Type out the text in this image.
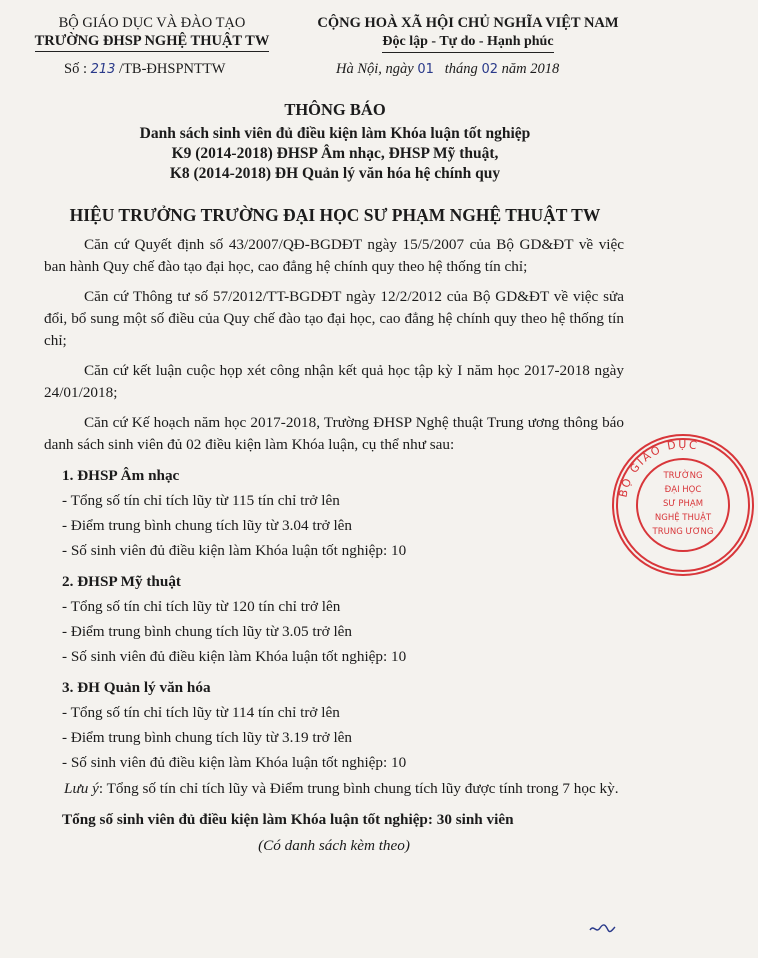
BỘ GIÁO DỤC VÀ ĐÀO TẠO
TRƯỜNG ĐHSP NGHỆ THUẬT TW
CỘNG HOÀ XÃ HỘI CHỦ NGHĨA VIỆT NAM
Độc lập - Tự do - Hạnh phúc
Số : 213 /TB-ĐHSPNTTW	Hà Nội, ngày 01 tháng 02 năm 2018
THÔNG BÁO
Danh sách sinh viên đủ điều kiện làm Khóa luận tốt nghiệp
K9 (2014-2018) ĐHSP Âm nhạc, ĐHSP Mỹ thuật,
K8 (2014-2018) ĐH Quản lý văn hóa hệ chính quy
HIỆU TRƯỞNG TRƯỜNG ĐẠI HỌC SƯ PHẠM NGHỆ THUẬT TW

Căn cứ Quyết định số 43/2007/QĐ-BGDĐT ngày 15/5/2007 của Bộ GD&ĐT về việc ban hành Quy chế đào tạo đại học, cao đẳng hệ chính quy theo hệ thống tín chỉ;

Căn cứ Thông tư số 57/2012/TT-BGDĐT ngày 12/2/2012 của Bộ GD&ĐT về việc sửa đổi, bổ sung một số điều của Quy chế đào tạo đại học, cao đẳng hệ chính quy theo hệ thống tín chỉ;

Căn cứ kết luận cuộc họp xét công nhận kết quả học tập kỳ I năm học 2017-2018 ngày 24/01/2018;

Căn cứ Kế hoạch năm học 2017-2018, Trường ĐHSP Nghệ thuật Trung ương thông báo danh sách sinh viên đủ 02 điều kiện làm Khóa luận, cụ thể như sau:

1. ĐHSP Âm nhạc

- Tổng số tín chỉ tích lũy từ 115 tín chỉ trở lên

- Điểm trung bình chung tích lũy từ 3.04 trở lên

- Số sinh viên đủ điều kiện làm Khóa luận tốt nghiệp: 10

2. ĐHSP Mỹ thuật

- Tổng số tín chỉ tích lũy từ 120 tín chỉ trở lên

- Điểm trung bình chung tích lũy từ 3.05 trở lên

- Số sinh viên đủ điều kiện làm Khóa luận tốt nghiệp: 10

3. ĐH Quản lý văn hóa

- Tổng số tín chỉ tích lũy từ 114 tín chỉ trở lên

- Điểm trung bình chung tích lũy từ 3.19 trở lên

- Số sinh viên đủ điều kiện làm Khóa luận tốt nghiệp: 10

Lưu ý: Tổng số tín chỉ tích lũy và Điểm trung bình chung tích lũy được tính trong 7 học kỳ.

Tổng số sinh viên đủ điều kiện làm Khóa luận tốt nghiệp: 30 sinh viên

(Có danh sách kèm theo)

BỘ GIÁO DỤC
TRƯỜNG
ĐẠI HỌC
SƯ PHẠM
NGHỆ THUẬT
TRUNG ƯƠNG
